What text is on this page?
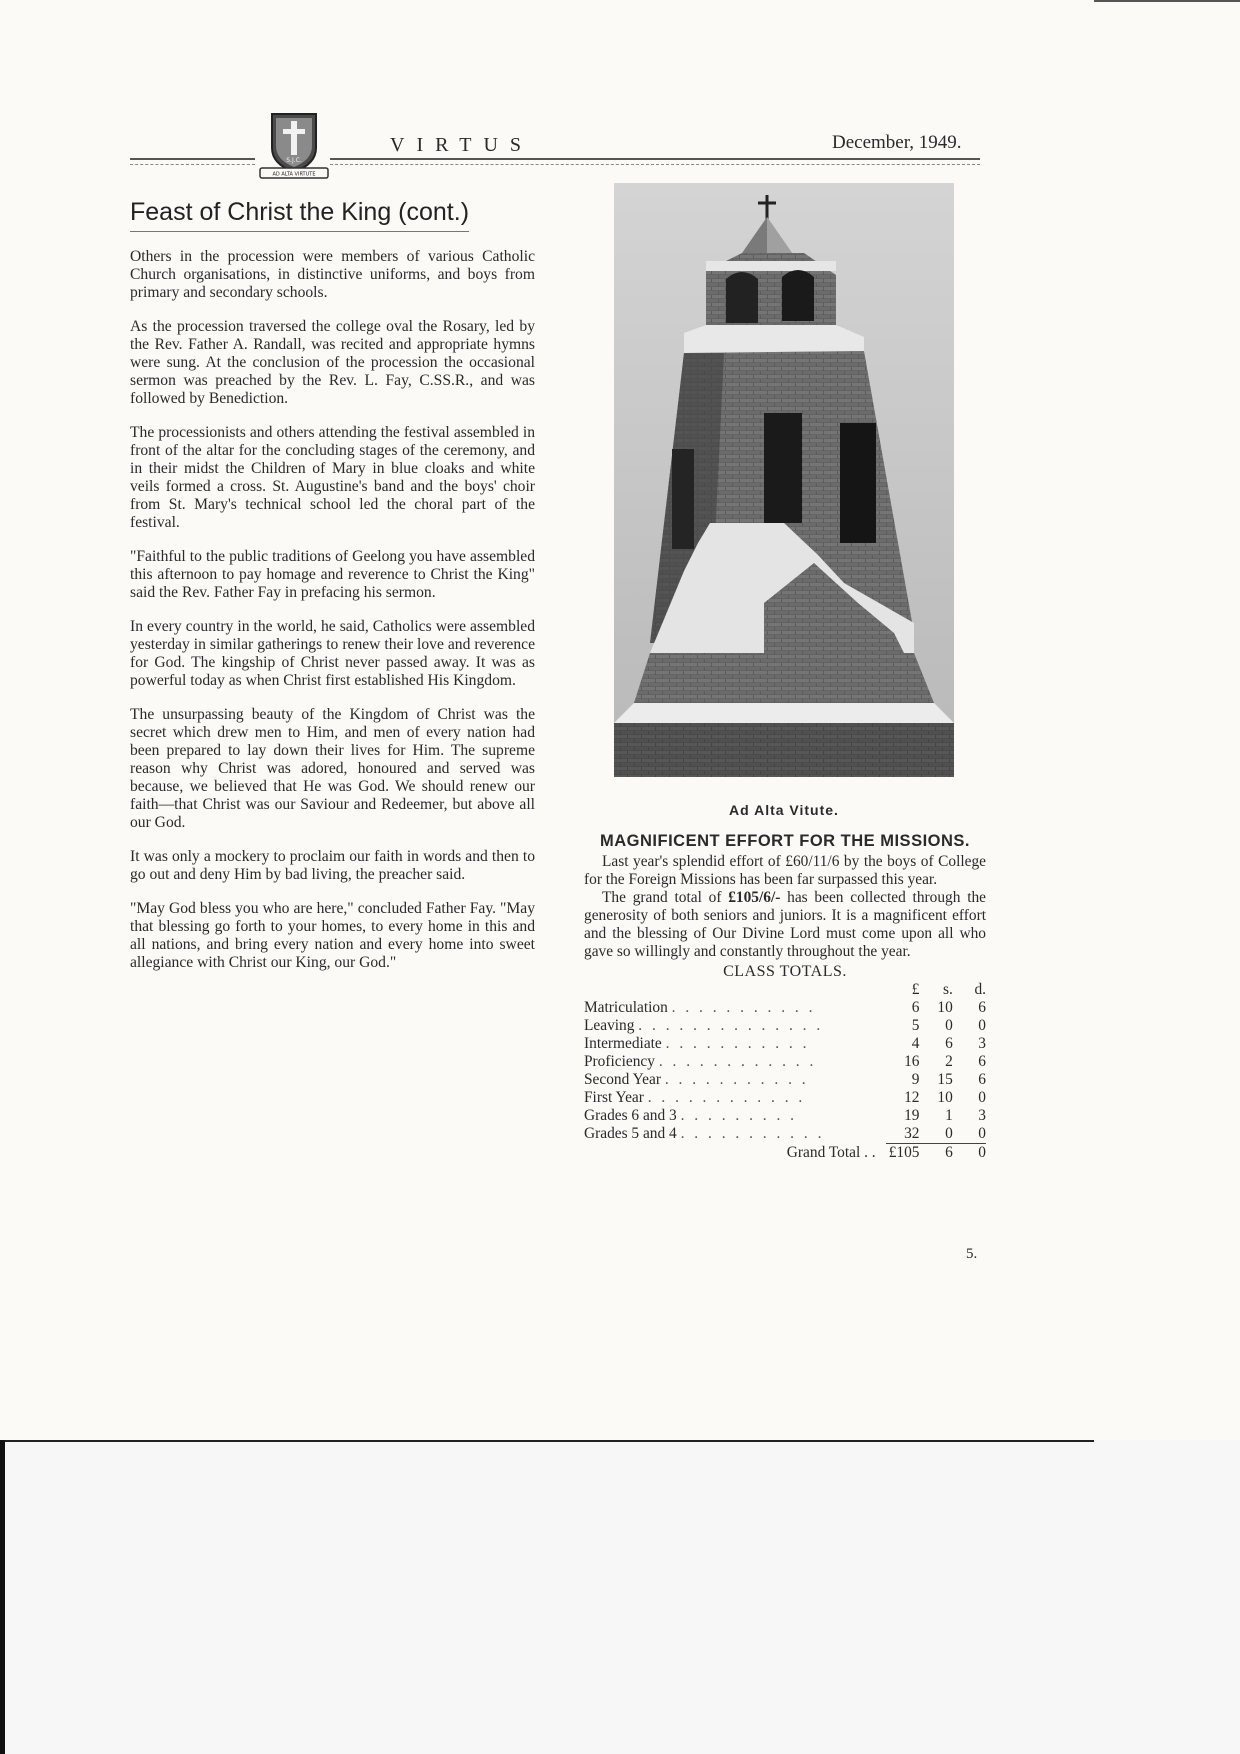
S.J.C.
AD ALTA VIRTUTE
VIRTUS	December, 1949.
Feast of Christ the King (cont.)

Others in the procession were members of various Catholic Church organisations, in distinctive uniforms, and boys from primary and secondary schools.

As the procession traversed the college oval the Rosary, led by the Rev. Father A. Randall, was recited and appropriate hymns were sung. At the conclusion of the procession the occasional sermon was preached by the Rev. L. Fay, C.SS.R., and was followed by Benediction.

The processionists and others attending the festival assembled in front of the altar for the concluding stages of the ceremony, and in their midst the Children of Mary in blue cloaks and white veils formed a cross. St. Augustine's band and the boys' choir from St. Mary's technical school led the choral part of the festival.

"Faithful to the public traditions of Geelong you have assembled this afternoon to pay homage and reverence to Christ the King" said the Rev. Father Fay in prefacing his sermon.

In every country in the world, he said, Catholics were assembled yesterday in similar gatherings to renew their love and reverence for God. The kingship of Christ never passed away. It was as powerful today as when Christ first established His Kingdom.

The unsurpassing beauty of the Kingdom of Christ was the secret which drew men to Him, and men of every nation had been prepared to lay down their lives for Him. The supreme reason why Christ was adored, honoured and served was because, we believed that He was God. We should renew our faith—that Christ was our Saviour and Redeemer, but above all our God.

It was only a mockery to proclaim our faith in words and then to go out and deny Him by bad living, the preacher said.

"May God bless you who are here," concluded Father Fay. "May that blessing go forth to your homes, to every home in this and all nations, and bring every nation and every home into sweet allegiance with Christ our King, our God."

Ad Alta Vitute.
MAGNIFICENT EFFORT FOR THE MISSIONS.

Last year's splendid effort of £60/11/6 by the boys of College for the Foreign Missions has been far surpassed this year.

The grand total of £105/6/- has been collected through the generosity of both seniors and juniors. It is a magnificent effort and the blessing of Our Divine Lord must come upon all who gave so willingly and constantly throughout the year.

CLASS TOTALS.
	£	s.	d.
Matriculation . . . . . . . . . . .	6	10	6
Leaving . . . . . . . . . . . . . .	5	0	0
Intermediate . . . . . . . . . . .	4	6	3
Proficiency . . . . . . . . . . . .	16	2	6
Second Year . . . . . . . . . . .	9	15	6
First Year . . . . . . . . . . . .	12	10	0
Grades 6 and 3 . . . . . . . . .	19	1	3
Grades 5 and 4 . . . . . . . . . . .	32	0	0
Grand Total . .	£105	6	0
5.
